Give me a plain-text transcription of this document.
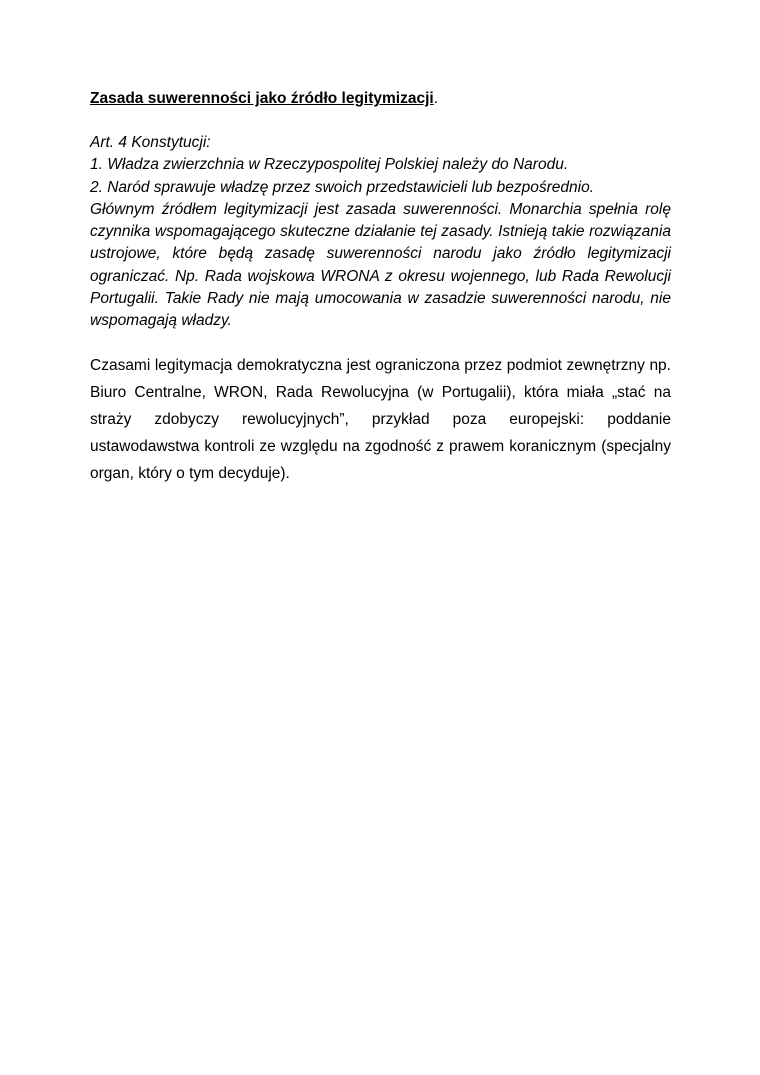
Zasada suwerenności jako źródło legitymizacji.

Art. 4 Konstytucji:

1. Władza zwierzchnia w Rzeczypospolitej Polskiej należy do Narodu.

2. Naród sprawuje władzę przez swoich przedstawicieli lub bezpośrednio.

Głównym źródłem legitymizacji jest zasada suwerenności. Monarchia spełnia rolę czynnika wspomagającego skuteczne działanie tej zasady. Istnieją takie rozwiązania ustrojowe, które będą zasadę suwerenności narodu jako źródło legitymizacji ograniczać. Np. Rada wojskowa WRONA z okresu wojennego, lub Rada Rewolucji Portugalii. Takie Rady nie mają umocowania w zasadzie suwerenności narodu, nie wspomagają władzy.

Czasami legitymacja demokratyczna jest ograniczona przez podmiot zewnętrzny np. Biuro Centralne, WRON, Rada Rewolucyjna (w Portugalii), która miała „stać na straży zdobyczy rewolucyjnych”, przykład poza europejski: poddanie ustawodawstwa kontroli ze względu na zgodność z prawem koranicznym (specjalny organ, który o tym decyduje).
